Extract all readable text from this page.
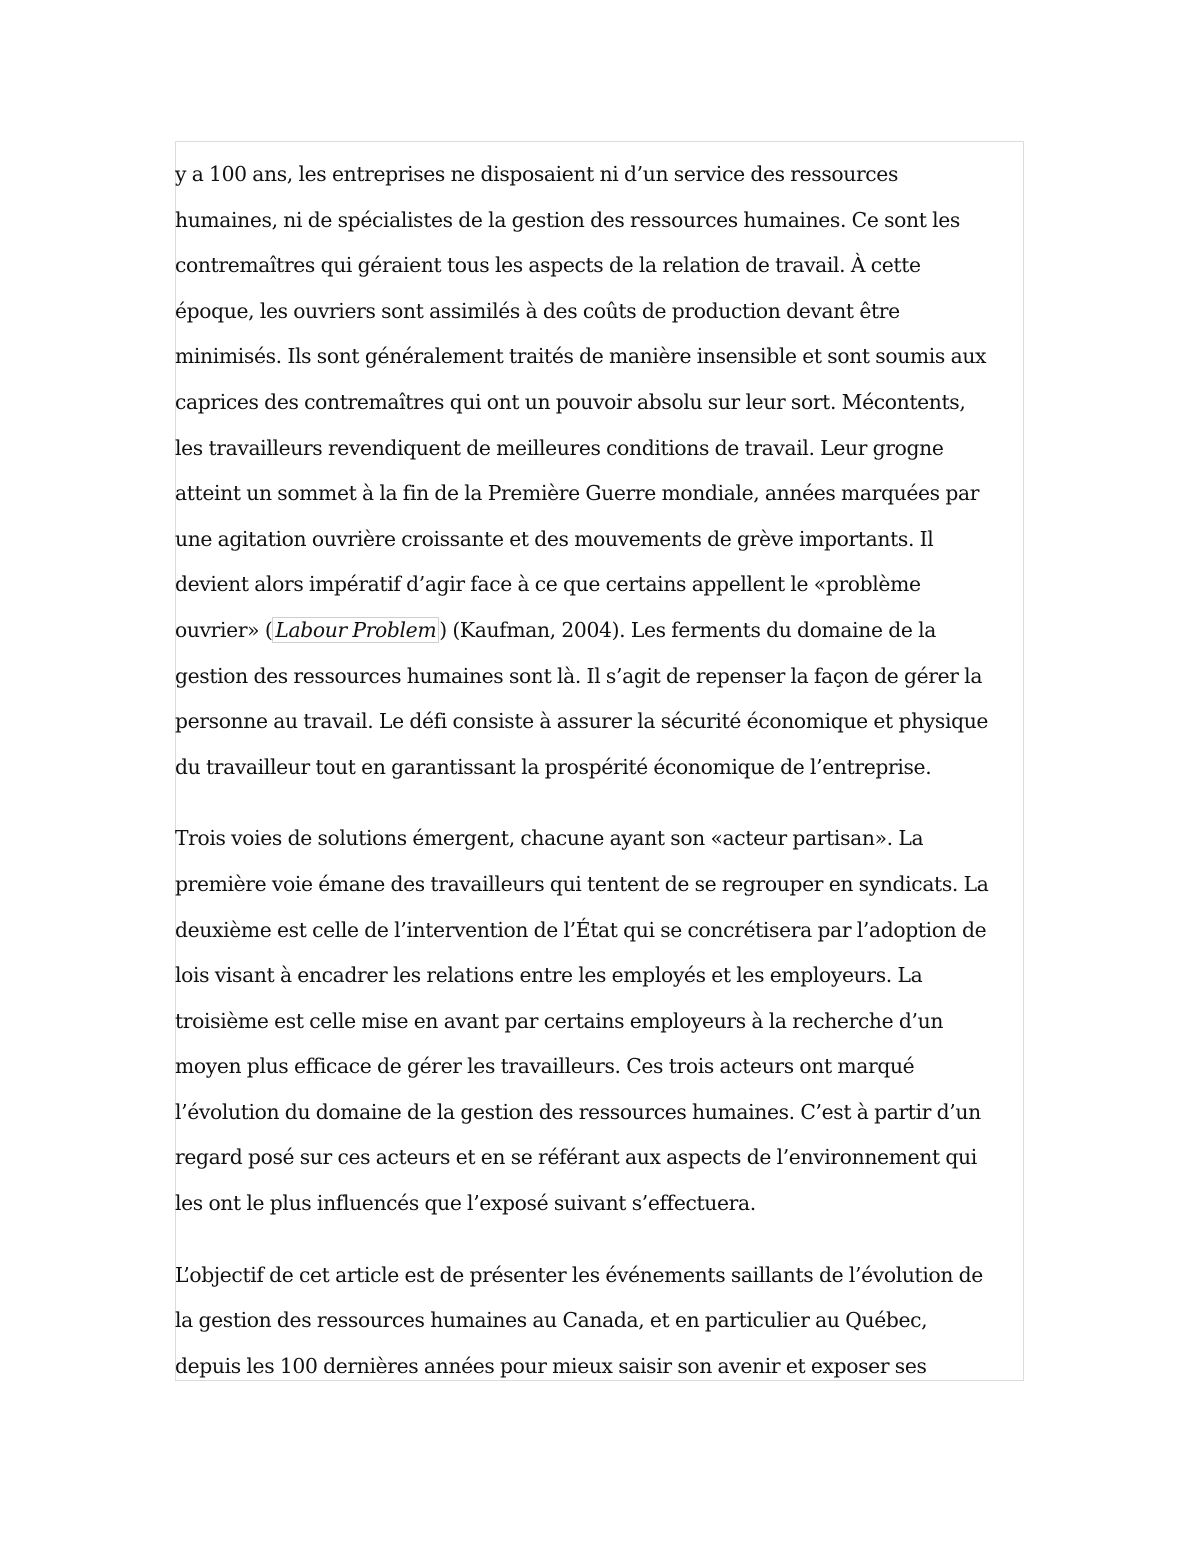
y a 100 ans, les entreprises ne disposaient ni d’un service des ressources
humaines, ni de spécialistes de la gestion des ressources humaines. Ce sont les
contremaîtres qui géraient tous les aspects de la relation de travail. À cette
époque, les ouvriers sont assimilés à des coûts de production devant être
minimisés. Ils sont généralement traités de manière insensible et sont soumis aux
caprices des contremaîtres qui ont un pouvoir absolu sur leur sort. Mécontents,
les travailleurs revendiquent de meilleures conditions de travail. Leur grogne
atteint un sommet à la fin de la Première Guerre mondiale, années marquées par
une agitation ouvrière croissante et des mouvements de grève importants. Il
devient alors impératif d’agir face à ce que certains appellent le «problème
ouvrier» ( Labour Problem ) (Kaufman, 2004). Les ferments du domaine de la
gestion des ressources humaines sont là. Il s’agit de repenser la façon de gérer la
personne au travail. Le défi consiste à assurer la sécurité économique et physique
du travailleur tout en garantissant la prospérité économique de l’entreprise.
Trois voies de solutions émergent, chacune ayant son «acteur partisan». La
première voie émane des travailleurs qui tentent de se regrouper en syndicats. La
deuxième est celle de l’intervention de l’État qui se concrétisera par l’adoption de
lois visant à encadrer les relations entre les employés et les employeurs. La
troisième est celle mise en avant par certains employeurs à la recherche d’un
moyen plus efficace de gérer les travailleurs. Ces trois acteurs ont marqué
l’évolution du domaine de la gestion des ressources humaines. C’est à partir d’un
regard posé sur ces acteurs et en se référant aux aspects de l’environnement qui
les ont le plus influencés que l’exposé suivant s’effectuera.
L’objectif de cet article est de présenter les événements saillants de l’évolution de
la gestion des ressources humaines au Canada, et en particulier au Québec,
depuis les 100 dernières années pour mieux saisir son avenir et exposer ses
